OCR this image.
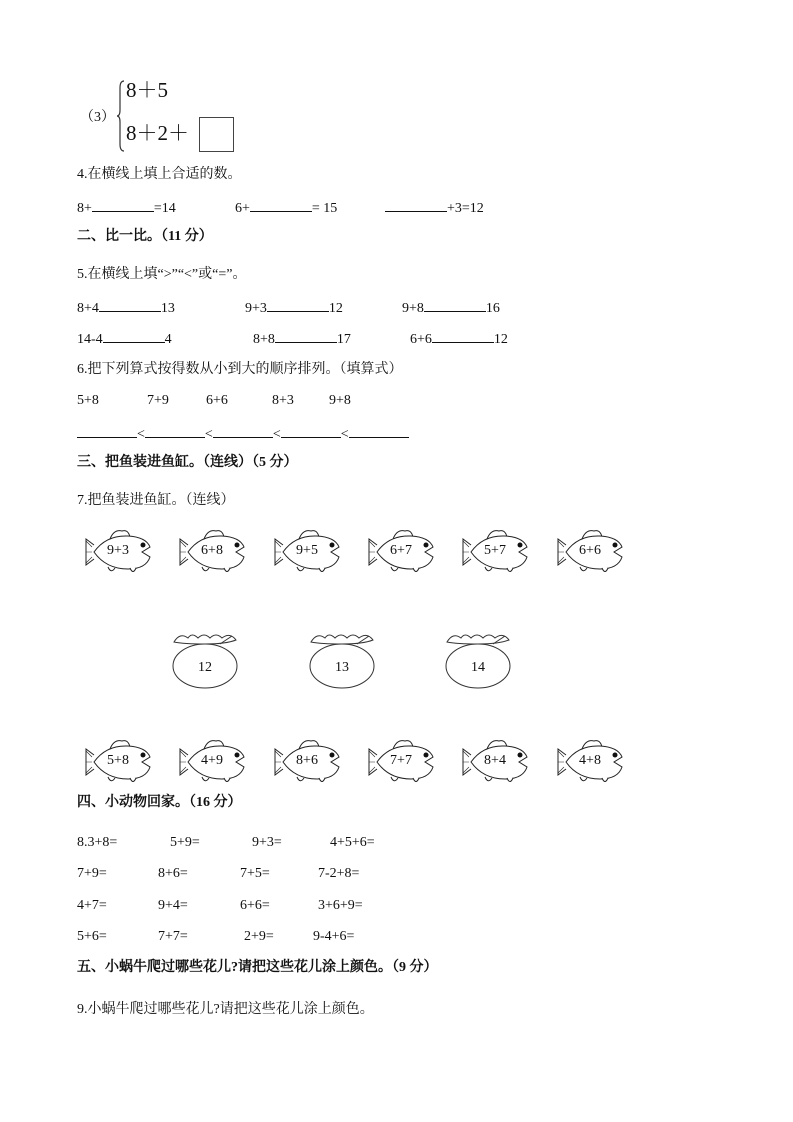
（3）
8＋5
8＋2＋
4.在横线上填上合适的数。
8+	=14	6+	= 15	+3=12
二、比一比。（11 分）
5.在横线上填“>”“<”或“=”。
6.把下列算式按得数从小到大的顺序排列。（填算式）
5+8	7+9	6+6	8+3	9+8
<	<	<	<
三、把鱼装进鱼缸。（连线）（5 分）
7.把鱼装进鱼缸。（连线）
四、小动物回家。（16 分）
五、小蜗牛爬过哪些花儿?请把这些花儿涂上颜色。（9 分）
9.小蜗牛爬过哪些花儿?请把这些花儿涂上颜色。
8+4	13	9+3	12	9+8	16
14-4	4	8+8	17	6+6	12
9+3	6+8	9+5	6+7	5+7	6+6
5+8	4+9	8+6	7+7	8+4	4+8
12	13	14
8.3+8=	5+9=	9+3=	4+5+6=
7+9=	8+6=	7+5=	7-2+8=
4+7=	9+4=	6+6=	3+6+9=
5+6=	7+7=	2+9=	9-4+6=
